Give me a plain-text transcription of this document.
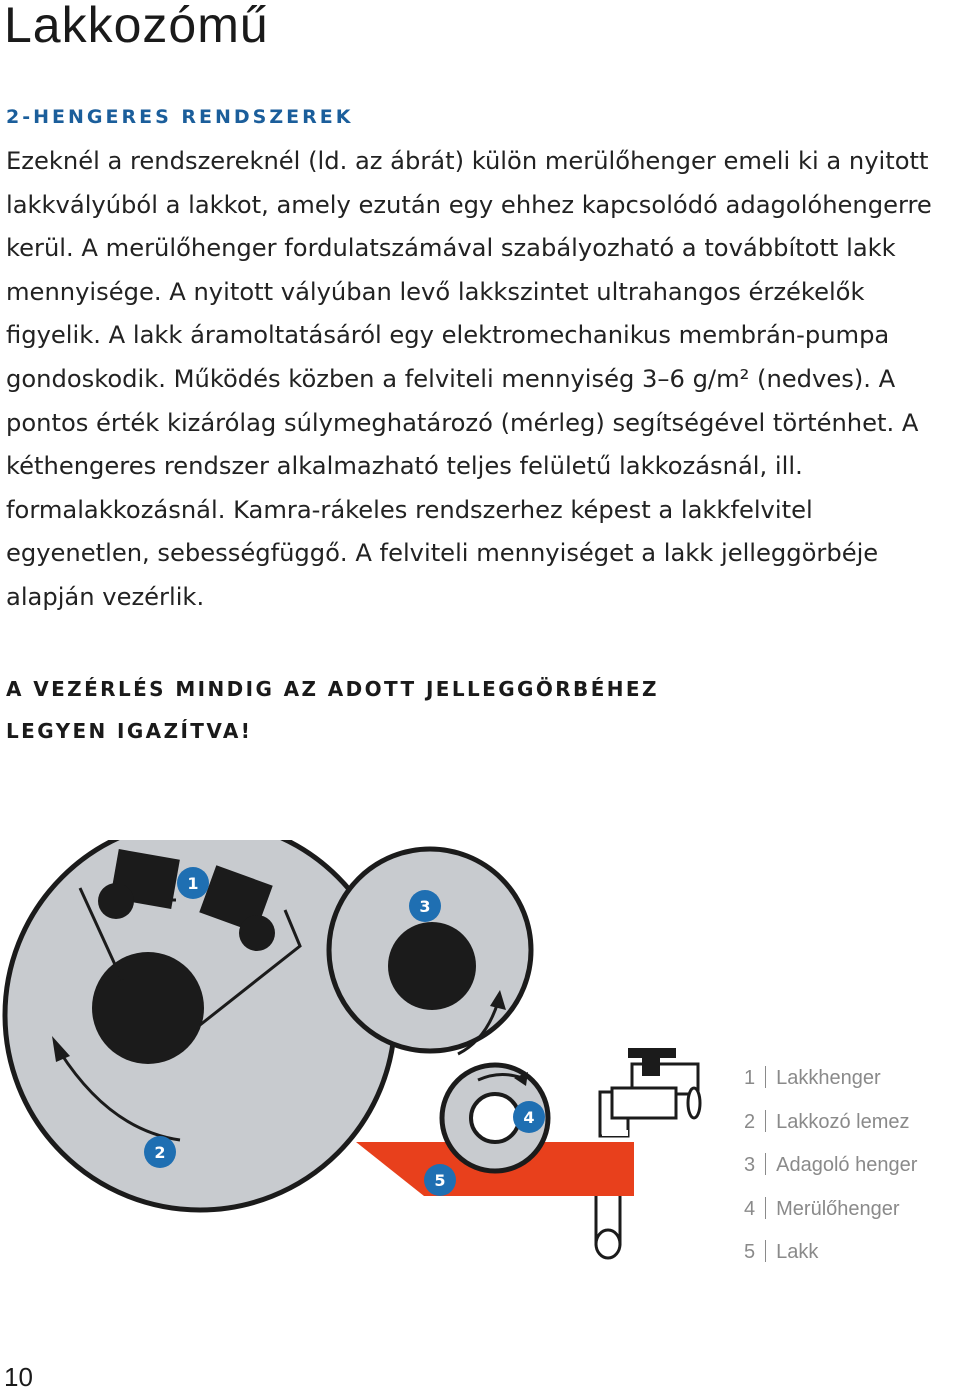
Lakkozómű
2-HENGERES RENDSZEREK

Ezeknél a rendszereknél (ld. az ábrát) külön merülőhenger emeli ki a nyitott lakkvályúból a lakkot, amely ezután egy ehhez kapcsolódó adagolóhengerre kerül. A merülőhenger fordulatszámával szabályozható a továbbított lakk mennyisége. A nyitott vályúban levő lakkszintet ultrahangos érzékelők figyelik. A lakk áramoltatásáról egy elektromechanikus membrán-pumpa gondoskodik. Működés közben a felviteli mennyiség 3–6 g/m² (nedves). A pontos érték kizárólag súlymeghatározó (mérleg) segítségével történhet. A kéthengeres rendszer alkalmazható teljes felületű lakkozásnál, ill. formalakkozásnál. Kamra-rákeles rendszerhez képest a lakkfelvitel egyenetlen, sebességfüggő. A felviteli mennyiséget a lakk jelleggörbéje alapján vezérlik.

A VEZÉRLÉS MINDIG AZ ADOTT JELLEGGÖRBÉHEZ LEGYEN IGAZÍTVA!

1
2
3
4
5
1 Lakkhenger
2 Lakkozó lemez
3 Adagoló henger
4 Merülőhenger
5 Lakk

10
